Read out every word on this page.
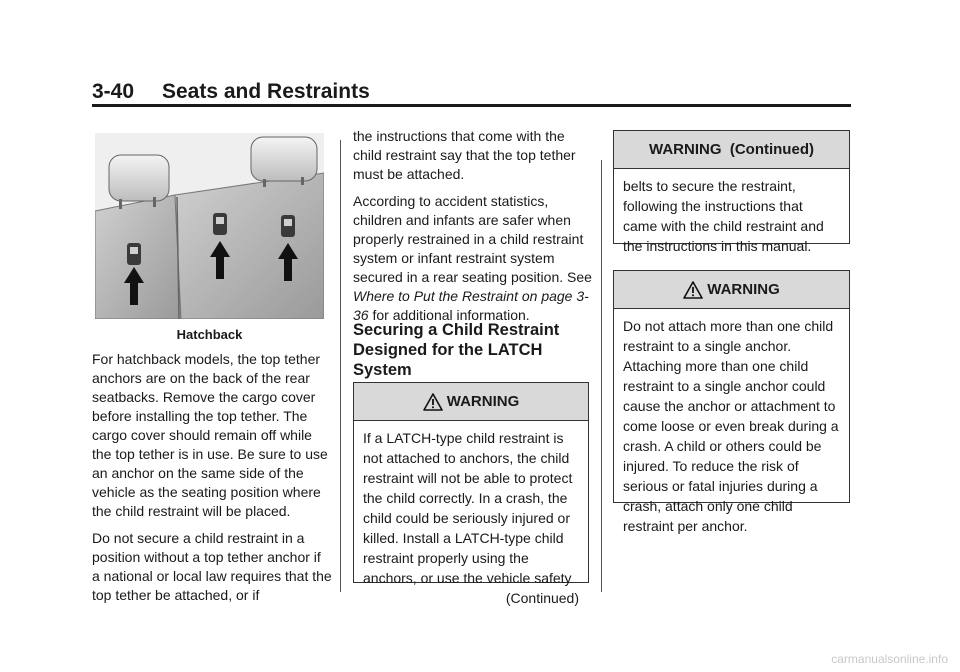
3-40 Seats and Restraints
Hatchback

For hatchback models, the top tether anchors are on the back of the rear seatbacks. Remove the cargo cover before installing the top tether. The cargo cover should remain off while the top tether is in use. Be sure to use an anchor on the same side of the vehicle as the seating position where the child restraint will be placed.

Do not secure a child restraint in a position without a top tether anchor if a national or local law requires that the top tether be attached, or if

the instructions that come with the child restraint say that the top tether must be attached.

According to accident statistics, children and infants are safer when properly restrained in a child restraint system or infant restraint system secured in a rear seating position. See Where to Put the Restraint on page 3-36 for additional information.

Securing a Child Restraint Designed for the LATCH System
WARNING
If a LATCH-type child restraint is not attached to anchors, the child restraint will not be able to protect the child correctly. In a crash, the child could be seriously injured or killed. Install a LATCH-type child restraint properly using the anchors, or use the vehicle safety
(Continued)
WARNING  (Continued)
belts to secure the restraint, following the instructions that came with the child restraint and the instructions in this manual.
WARNING
Do not attach more than one child restraint to a single anchor. Attaching more than one child restraint to a single anchor could cause the anchor or attachment to come loose or even break during a crash. A child or others could be injured. To reduce the risk of serious or fatal injuries during a crash, attach only one child restraint per anchor.
carmanualsonline.info
